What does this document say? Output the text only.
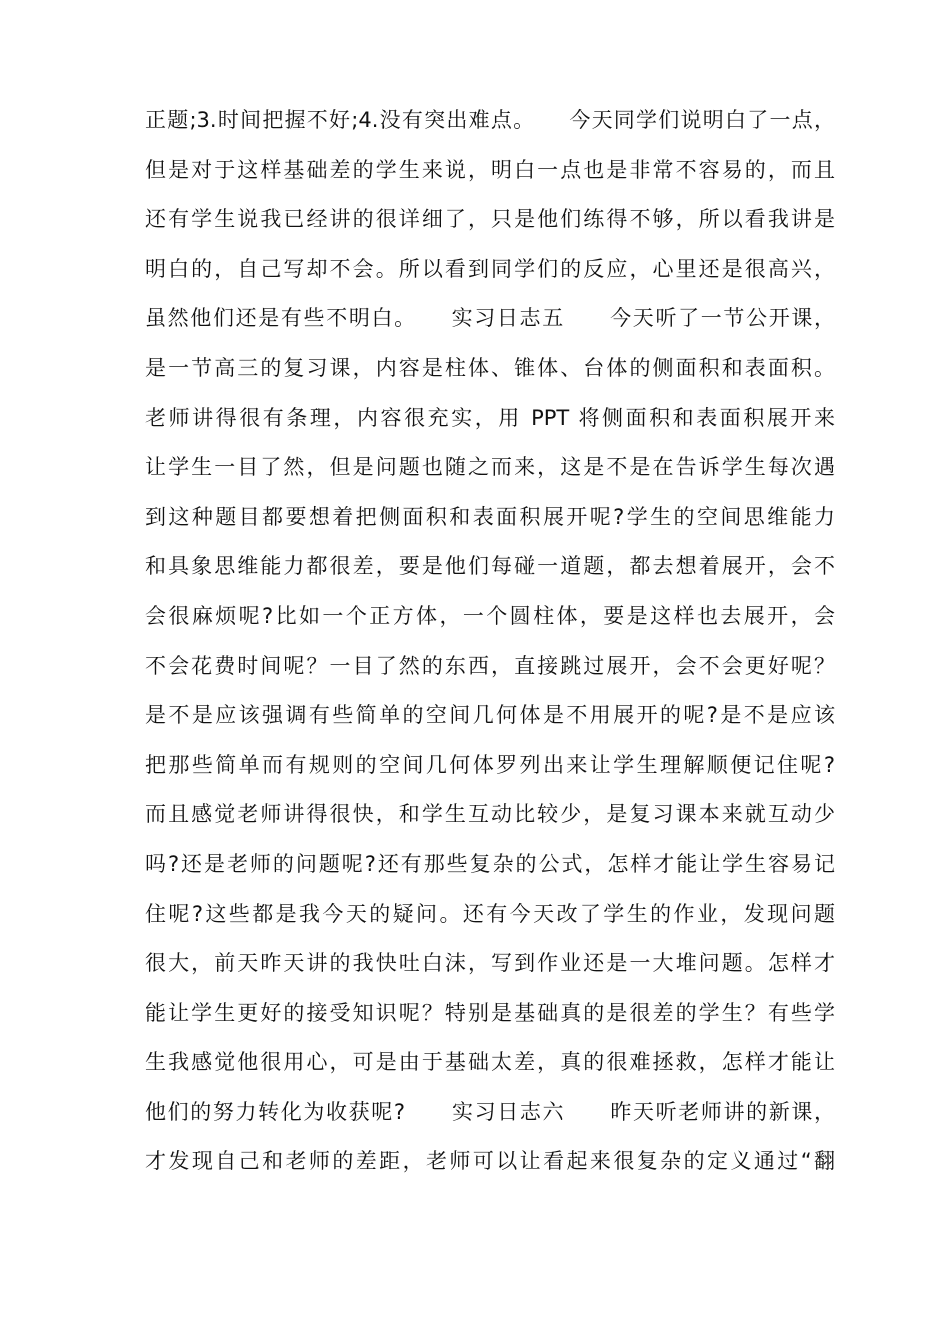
正题;3.时间把握不好;4.没有突出难点。　　今天同学们说明白了一点，
但是对于这样基础差的学生来说，明白一点也是非常不容易的，而且
还有学生说我已经讲的很详细了，只是他们练得不够，所以看我讲是
明白的，自己写却不会。所以看到同学们的反应，心里还是很高兴，
虽然他们还是有些不明白。　　实习日志五　　今天听了一节公开课，
是一节高三的复习课，内容是柱体、锥体、台体的侧面积和表面积。
老师讲得很有条理，内容很充实，用 PPT 将侧面积和表面积展开来
让学生一目了然，但是问题也随之而来，这是不是在告诉学生每次遇
到这种题目都要想着把侧面积和表面积展开呢?学生的空间思维能力
和具象思维能力都很差，要是他们每碰一道题，都去想着展开，会不
会很麻烦呢?比如一个正方体，一个圆柱体，要是这样也去展开，会
不会花费时间呢？一目了然的东西，直接跳过展开，会不会更好呢？
是不是应该强调有些简单的空间几何体是不用展开的呢?是不是应该
把那些简单而有规则的空间几何体罗列出来让学生理解顺便记住呢?
而且感觉老师讲得很快，和学生互动比较少，是复习课本来就互动少
吗?还是老师的问题呢?还有那些复杂的公式，怎样才能让学生容易记
住呢?这些都是我今天的疑问。还有今天改了学生的作业，发现问题
很大，前天昨天讲的我快吐白沫，写到作业还是一大堆问题。怎样才
能让学生更好的接受知识呢？特别是基础真的是很差的学生？有些学
生我感觉他很用心，可是由于基础太差，真的很难拯救，怎样才能让
他们的努力转化为收获呢?　　实习日志六　　昨天听老师讲的新课，
才发现自己和老师的差距，老师可以让看起来很复杂的定义通过“翻
